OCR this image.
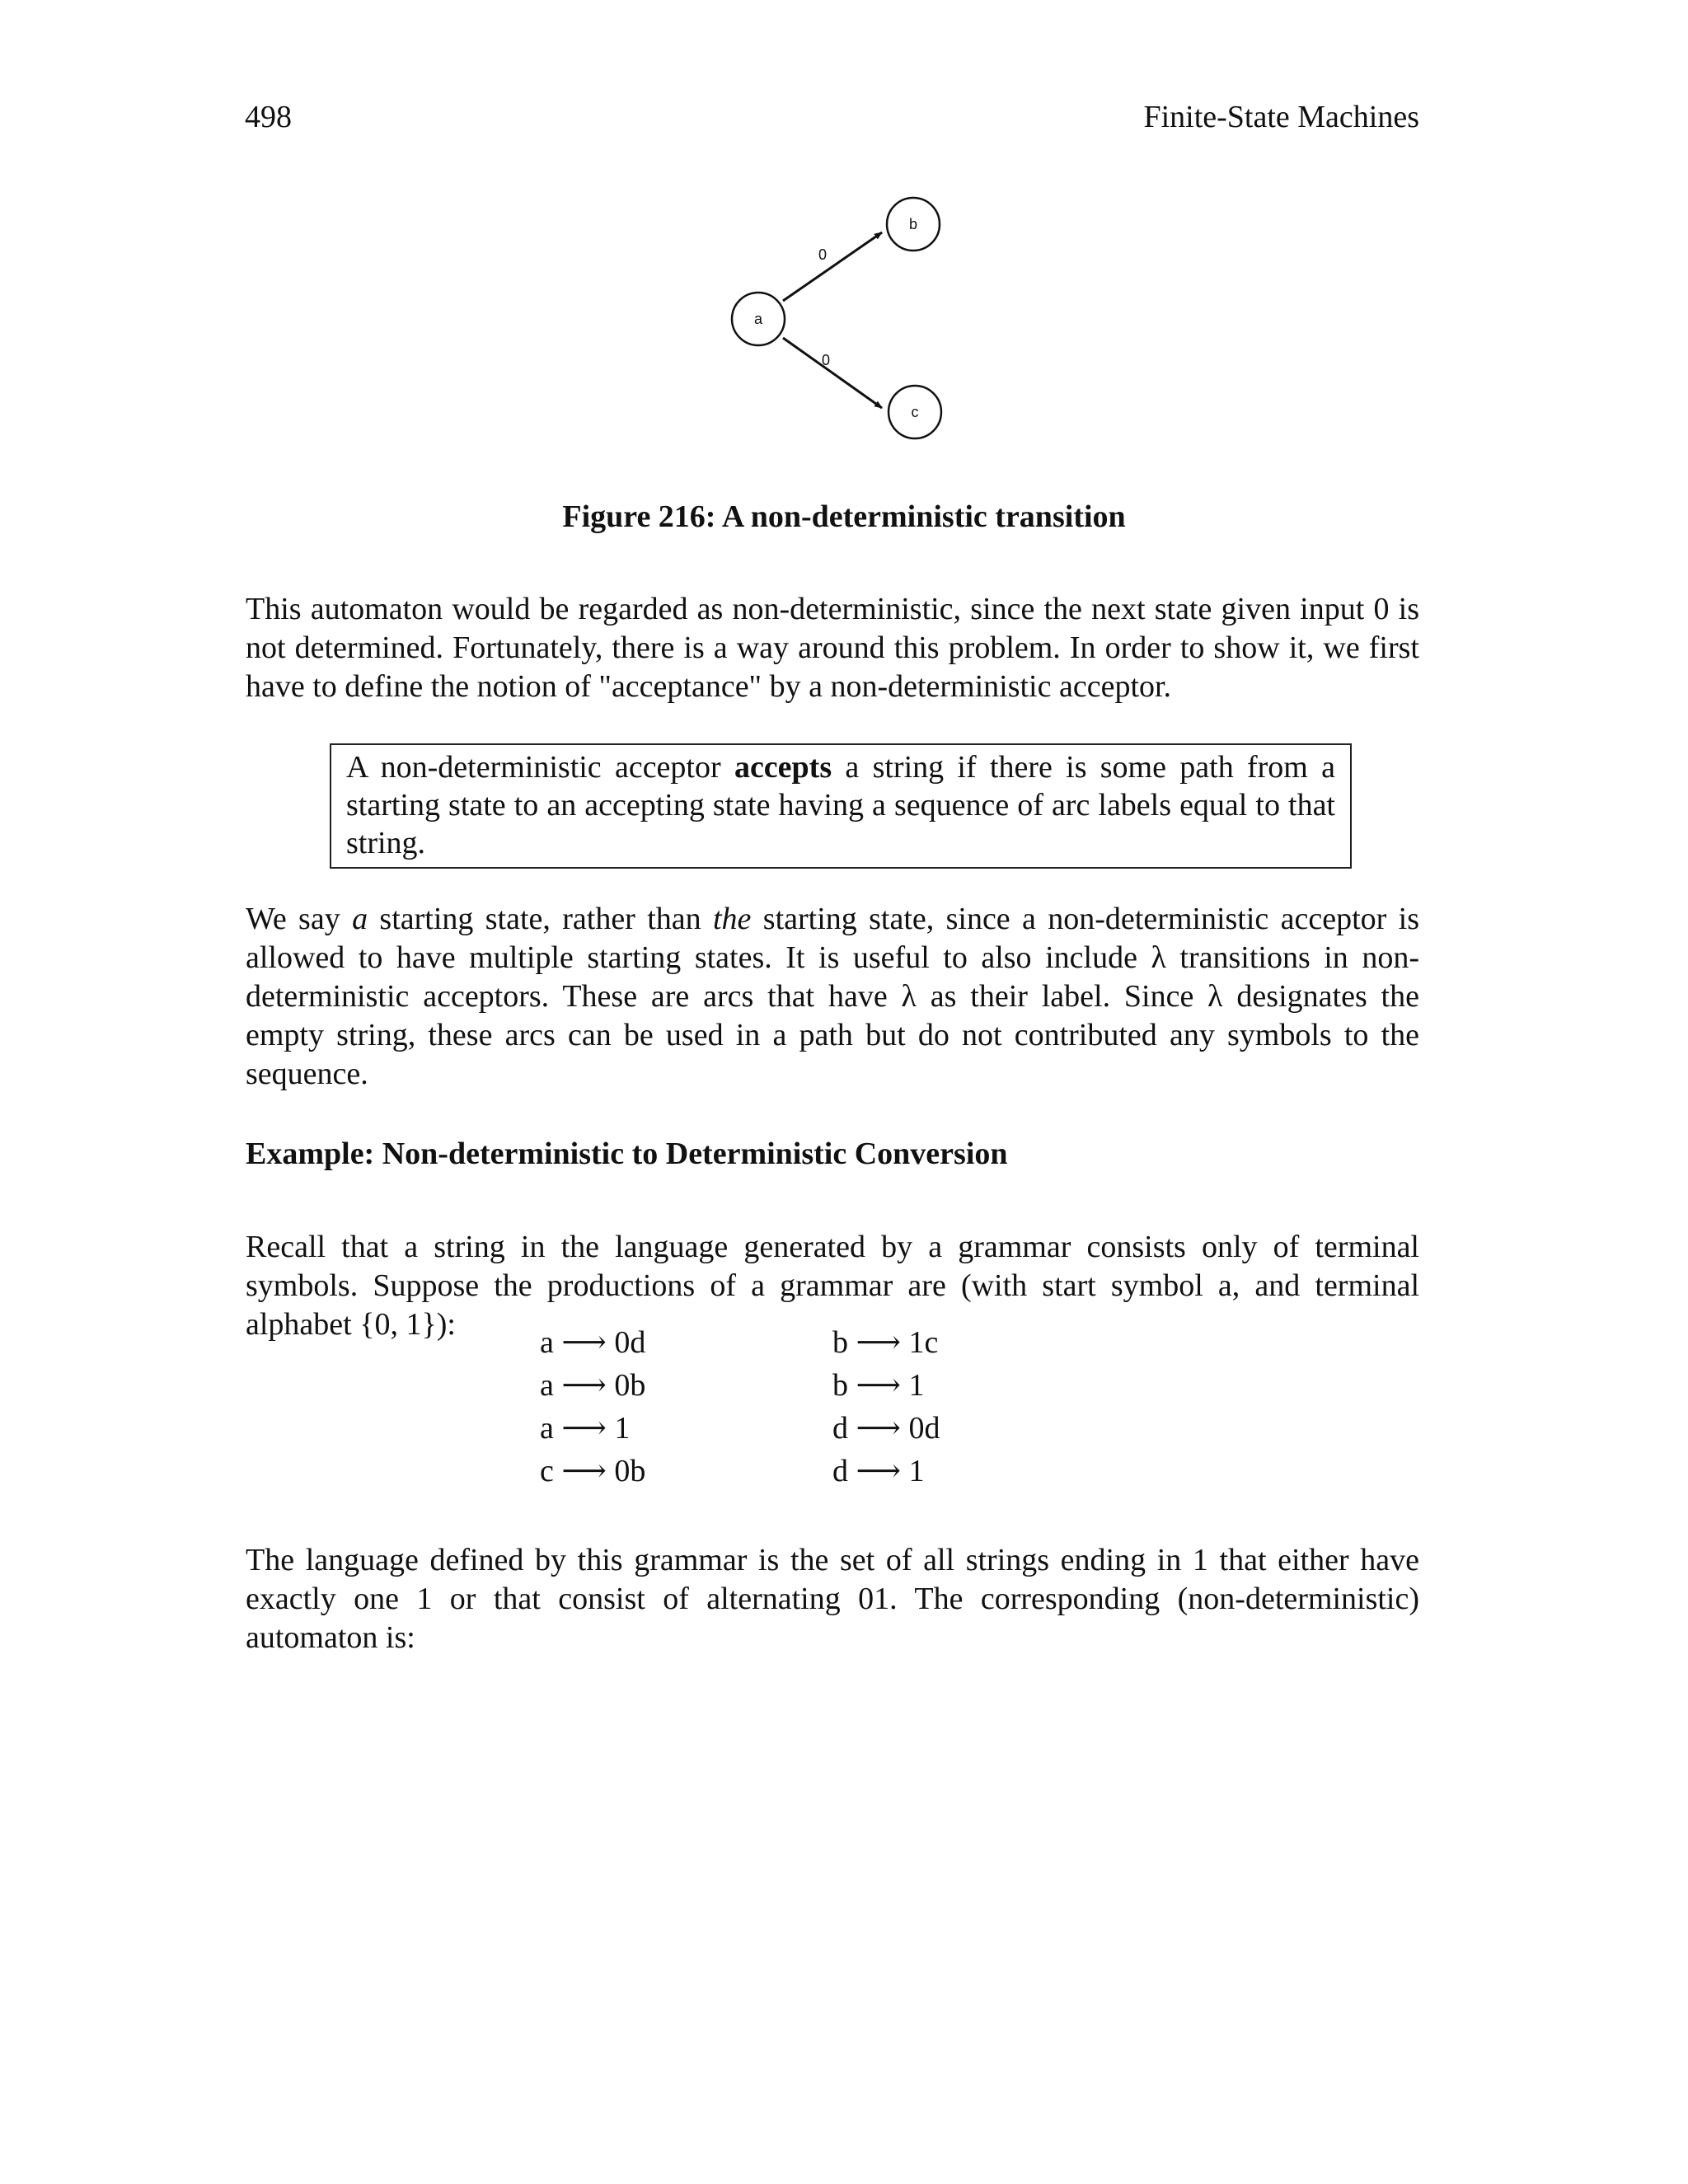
498	Finite-State Machines
a
b
c
0
0
Figure 216: A non-deterministic transition

This automaton would be regarded as non-deterministic, since the next state given input 0 is not determined. Fortunately, there is a way around this problem. In order to show it, we first have to define the notion of "acceptance" by a non-deterministic acceptor.

A non-deterministic acceptor accepts a string if there is some path from a starting state to an accepting state having a sequence of arc labels equal to that string.

We say a starting state, rather than the starting state, since a non-deterministic acceptor is allowed to have multiple starting states. It is useful to also include λ transitions in non-deterministic acceptors. These are arcs that have λ as their label. Since λ designates the empty string, these arcs can be used in a path but do not contributed any symbols to the sequence.

Example: Non-deterministic to Deterministic Conversion

Recall that a string in the language generated by a grammar consists only of terminal symbols. Suppose the productions of a grammar are (with start symbol a, and terminal alphabet {0, 1}):

a ⟶ 0d	b ⟶ 1c
a ⟶ 0b	b ⟶ 1
a ⟶ 1	d ⟶ 0d
c ⟶ 0b	d ⟶ 1

The language defined by this grammar is the set of all strings ending in 1 that either have exactly one 1 or that consist of alternating 01. The corresponding (non-deterministic) automaton is:
